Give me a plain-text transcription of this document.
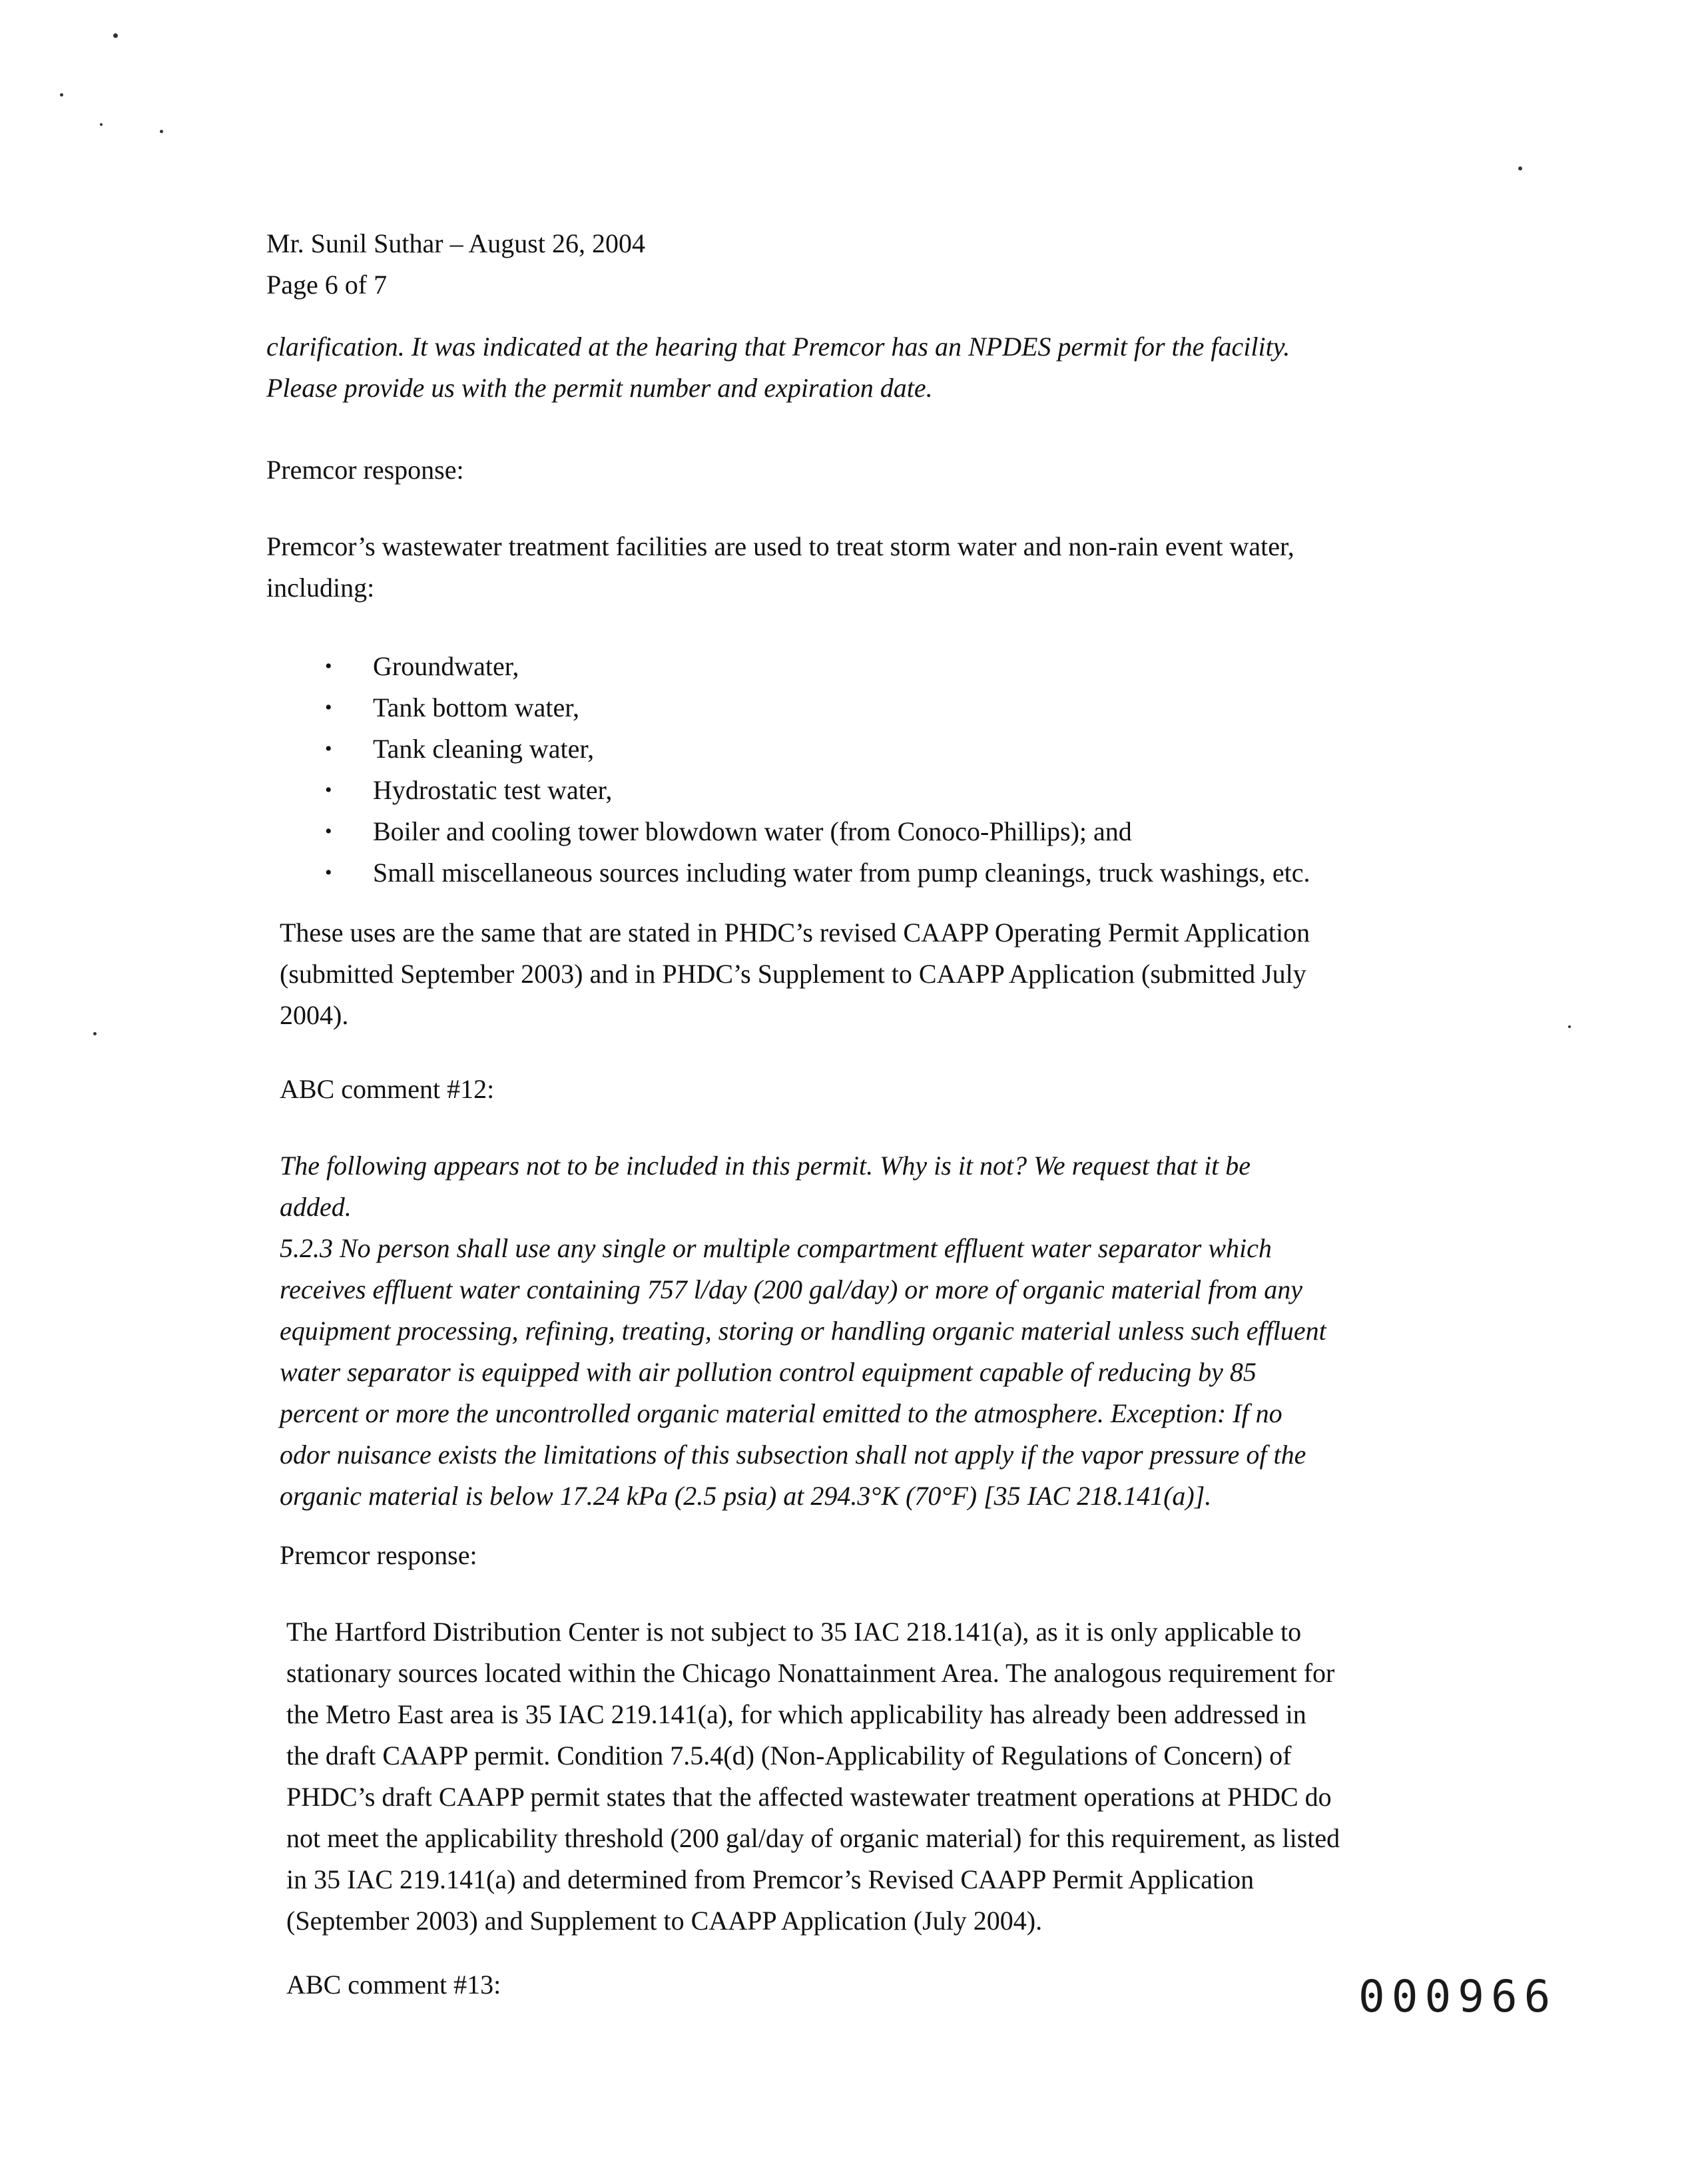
Mr. Sunil Suthar – August 26, 2004
Page 6 of 7
clarification. It was indicated at the hearing that Premcor has an NPDES permit for the facility.
Please provide us with the permit number and expiration date.
Premcor response:
Premcor’s wastewater treatment facilities are used to treat storm water and non-rain event water,
including:
• Groundwater,
• Tank bottom water,
• Tank cleaning water,
• Hydrostatic test water,
• Boiler and cooling tower blowdown water (from Conoco-Phillips); and
• Small miscellaneous sources including water from pump cleanings, truck washings, etc.
These uses are the same that are stated in PHDC’s revised CAAPP Operating Permit Application
(submitted September 2003) and in PHDC’s Supplement to CAAPP Application (submitted July
2004).
ABC comment #12:
The following appears not to be included in this permit. Why is it not? We request that it be
added.
5.2.3 No person shall use any single or multiple compartment effluent water separator which
receives effluent water containing 757 l/day (200 gal/day) or more of organic material from any
equipment processing, refining, treating, storing or handling organic material unless such effluent
water separator is equipped with air pollution control equipment capable of reducing by 85
percent or more the uncontrolled organic material emitted to the atmosphere. Exception: If no
odor nuisance exists the limitations of this subsection shall not apply if the vapor pressure of the
organic material is below 17.24 kPa (2.5 psia) at 294.3°K (70°F) [35 IAC 218.141(a)].
Premcor response:
The Hartford Distribution Center is not subject to 35 IAC 218.141(a), as it is only applicable to
stationary sources located within the Chicago Nonattainment Area. The analogous requirement for
the Metro East area is 35 IAC 219.141(a), for which applicability has already been addressed in
the draft CAAPP permit. Condition 7.5.4(d) (Non-Applicability of Regulations of Concern) of
PHDC’s draft CAAPP permit states that the affected wastewater treatment operations at PHDC do
not meet the applicability threshold (200 gal/day of organic material) for this requirement, as listed
in 35 IAC 219.141(a) and determined from Premcor’s Revised CAAPP Permit Application
(September 2003) and Supplement to CAAPP Application (July 2004).
ABC comment #13:	000966
